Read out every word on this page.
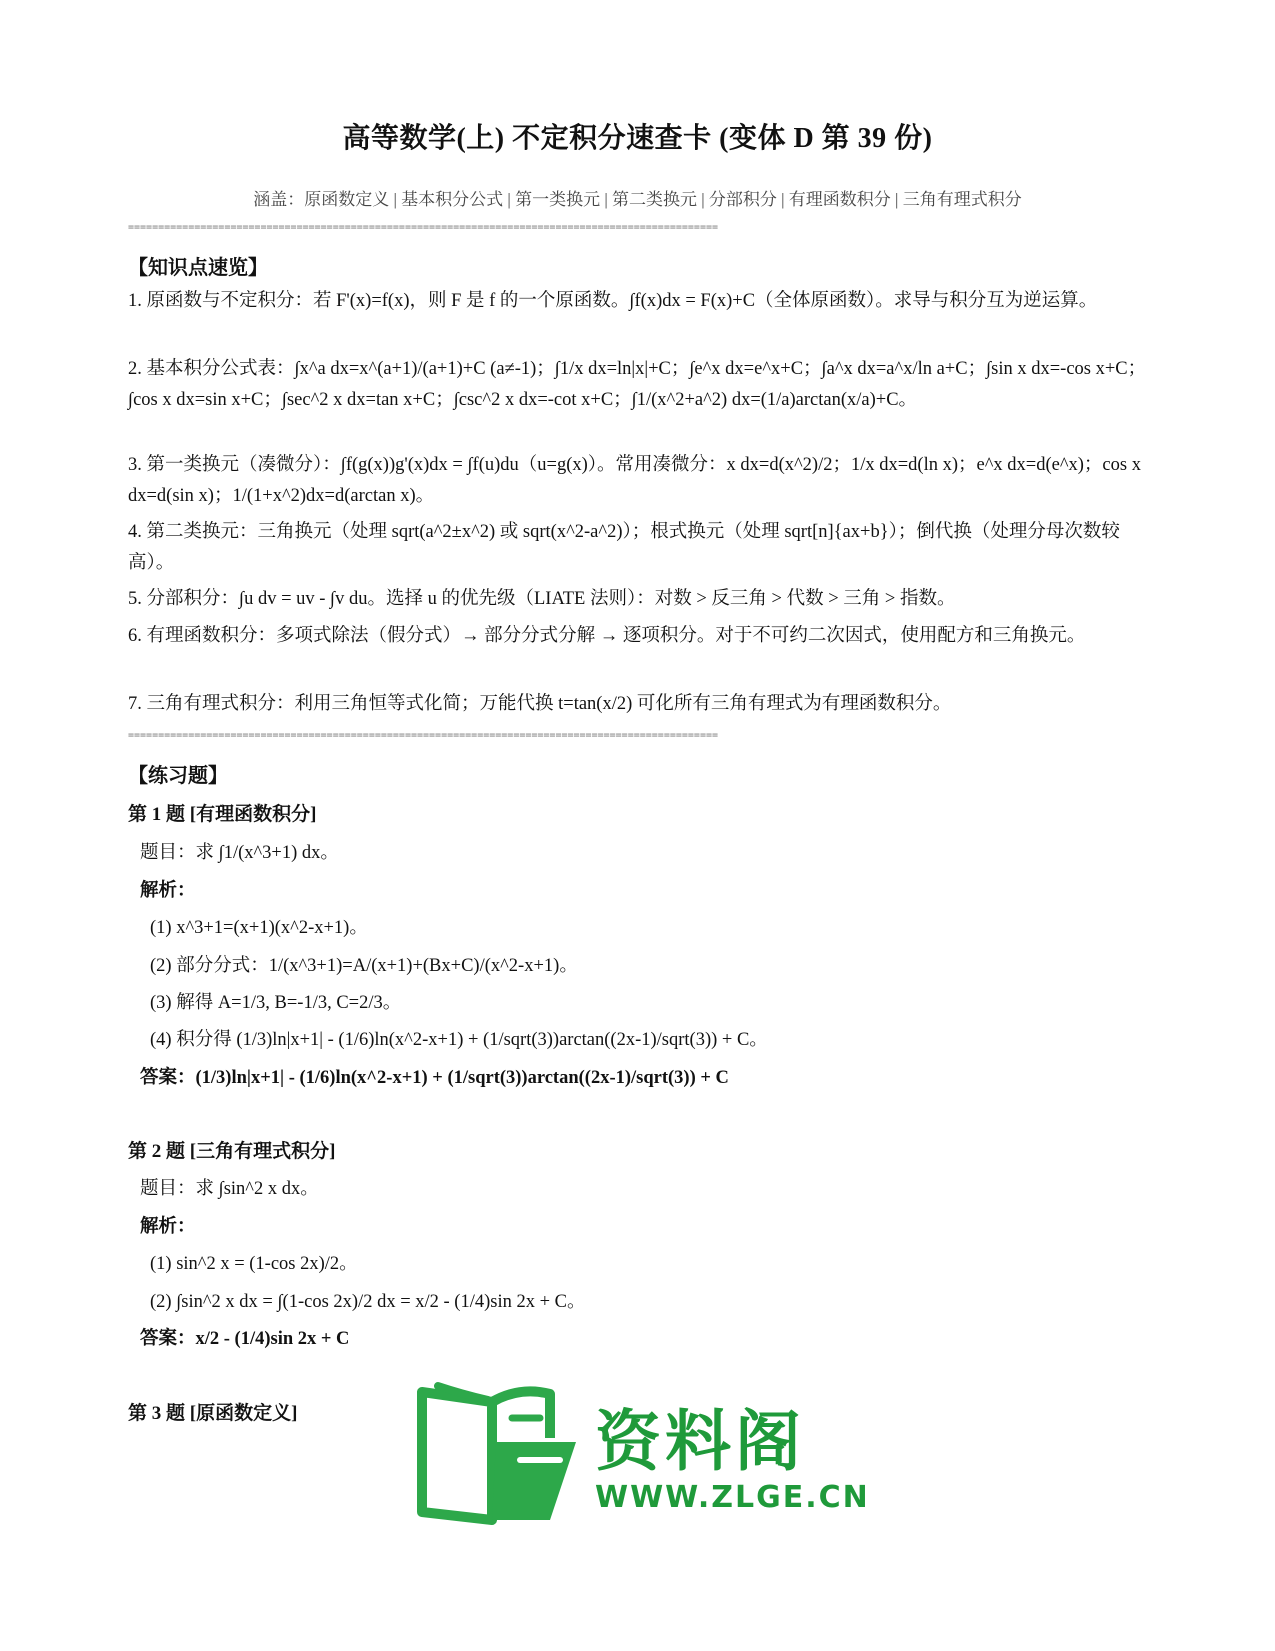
高等数学(上) 不定积分速查卡 (变体 D 第 39 份)
涵盖：原函数定义 | 基本积分公式 | 第一类换元 | 第二类换元 | 分部积分 | 有理函数积分 | 三角有理式积分
==================================================================================================
【知识点速览】
1. 原函数与不定积分：若 F'(x)=f(x)，则 F 是 f 的一个原函数。∫f(x)dx = F(x)+C（全体原函数）。求导与积分互为逆运算。
2. 基本积分公式表：∫x^a dx=x^(a+1)/(a+1)+C (a≠-1)；∫1/x dx=ln|x|+C；∫e^x dx=e^x+C；∫a^x dx=a^x/ln a+C；∫sin x dx=-cos x+C；∫cos x dx=sin x+C；∫sec^2 x dx=tan x+C；∫csc^2 x dx=-cot x+C；∫1/(x^2+a^2) dx=(1/a)arctan(x/a)+C。
3. 第一类换元（凑微分）：∫f(g(x))g'(x)dx = ∫f(u)du（u=g(x)）。常用凑微分：x dx=d(x^2)/2；1/x dx=d(ln x)；e^x dx=d(e^x)；cos x dx=d(sin x)；1/(1+x^2)dx=d(arctan x)。
4. 第二类换元：三角换元（处理 sqrt(a^2±x^2) 或 sqrt(x^2-a^2)）；根式换元（处理 sqrt[n]{ax+b}）；倒代换（处理分母次数较高）。
5. 分部积分：∫u dv = uv - ∫v du。选择 u 的优先级（LIATE 法则）：对数 > 反三角 > 代数 > 三角 > 指数。
6. 有理函数积分：多项式除法（假分式）→ 部分分式分解 → 逐项积分。对于不可约二次因式，使用配方和三角换元。
7. 三角有理式积分：利用三角恒等式化简；万能代换 t=tan(x/2) 可化所有三角有理式为有理函数积分。
==================================================================================================
【练习题】
第 1 题 [有理函数积分]
题目：求 ∫1/(x^3+1) dx。
解析：
(1) x^3+1=(x+1)(x^2-x+1)。
(2) 部分分式：1/(x^3+1)=A/(x+1)+(Bx+C)/(x^2-x+1)。
(3) 解得 A=1/3, B=-1/3, C=2/3。
(4) 积分得 (1/3)ln|x+1| - (1/6)ln(x^2-x+1) + (1/sqrt(3))arctan((2x-1)/sqrt(3)) + C。
答案：(1/3)ln|x+1| - (1/6)ln(x^2-x+1) + (1/sqrt(3))arctan((2x-1)/sqrt(3)) + C
第 2 题 [三角有理式积分]
题目：求 ∫sin^2 x dx。
解析：
(1) sin^2 x = (1-cos 2x)/2。
(2) ∫sin^2 x dx = ∫(1-cos 2x)/2 dx = x/2 - (1/4)sin 2x + C。
答案：x/2 - (1/4)sin 2x + C
第 3 题 [原函数定义]	资料阁
WWW.ZLGE.CN
